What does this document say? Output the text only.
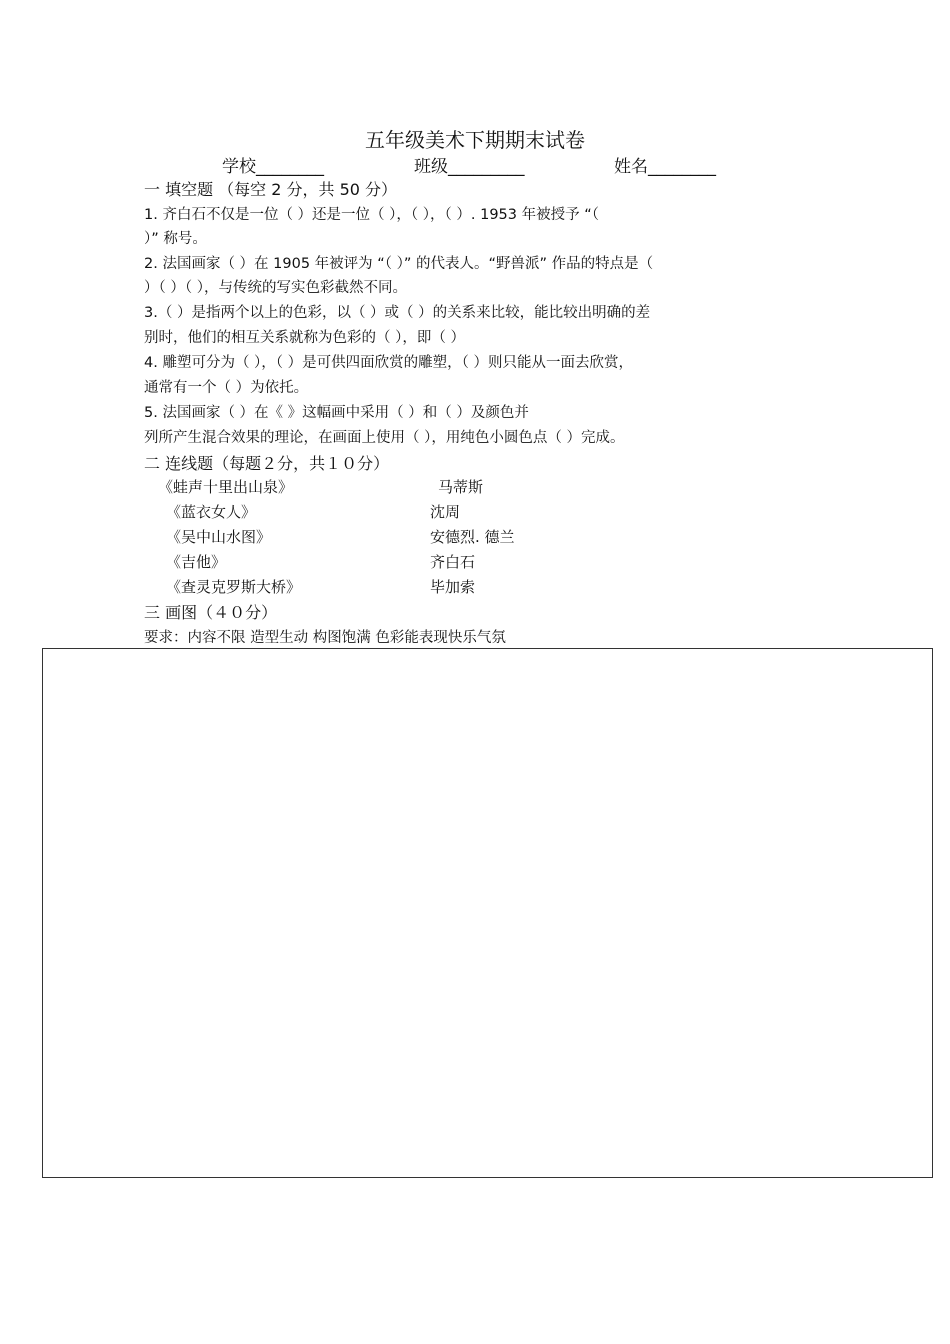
五年级美术下期期末试卷
学校________	班级_________	姓名________
一 填空题 （每空 2 分，共 50 分）
1. 齐白石不仅是一位（ ）还是一位（ ），（ ），（ ）. 1953 年被授予 “（
）” 称号。
2. 法国画家（ ）在 1905 年被评为 “（ ）” 的代表人。“野兽派” 作品的特点是（
）（ ）（ ），与传统的写实色彩截然不同。
3.（ ）是指两个以上的色彩，以（ ）或（ ）的关系来比较，能比较出明确的差
别时，他们的相互关系就称为色彩的（ ），即（ ）
4. 雕塑可分为（ ），（ ）是可供四面欣赏的雕塑，（ ）则只能从一面去欣赏，
通常有一个（ ）为依托。
5. 法国画家（ ）在《 》这幅画中采用（ ）和（ ）及颜色并
列所产生混合效果的理论，在画面上使用（ ），用纯色小圆色点（ ）完成。
二 连线题（每题２分，共１０分）
《蛙声十里出山泉》
《蓝衣女人》
《吴中山水图》
《吉他》
《查灵克罗斯大桥》
马蒂斯
沈周
安德烈. 德兰
齐白石
毕加索
三 画图（４０分）
要求：内容不限 造型生动 构图饱满 色彩能表现快乐气氛
